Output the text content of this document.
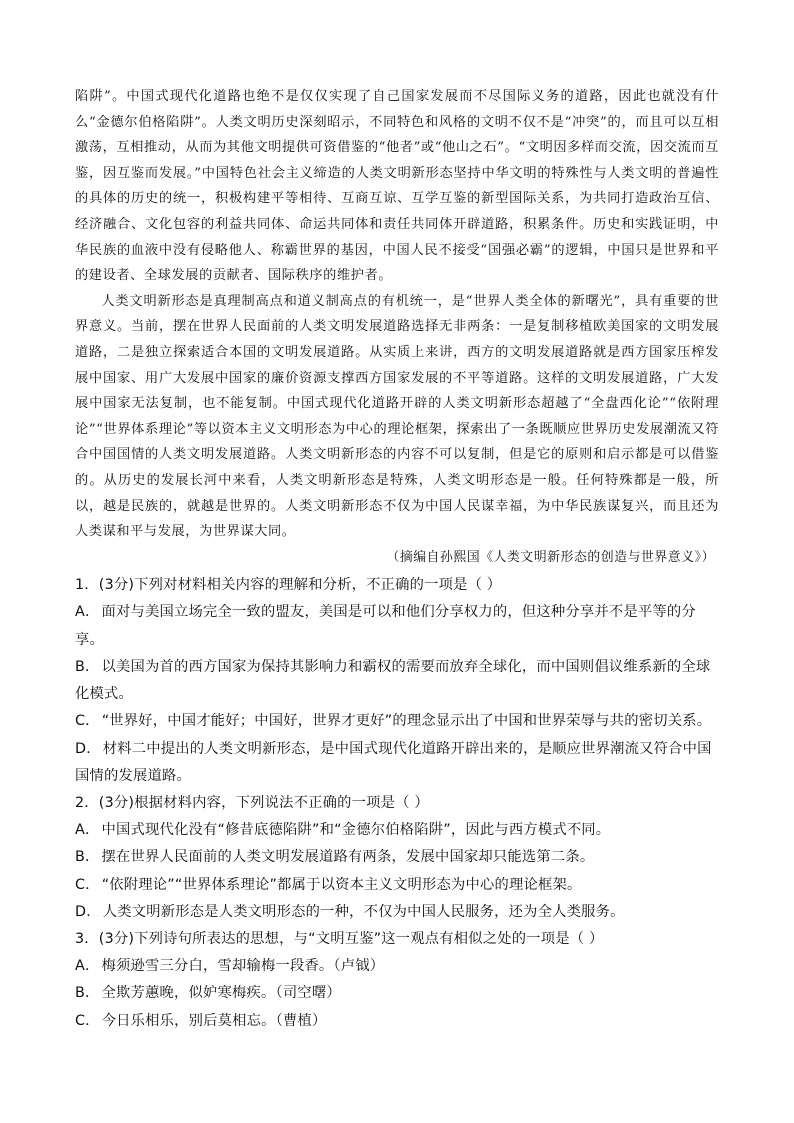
陷阱”。中国式现代化道路也绝不是仅仅实现了自己国家发展而不尽国际义务的道路，因此也就没有什么“金德尔伯格陷阱”。人类文明历史深刻昭示，不同特色和风格的文明不仅不是“冲突”的，而且可以互相激荡，互相推动，从而为其他文明提供可资借鉴的“他者”或“他山之石”。“文明因多样而交流，因交流而互鉴，因互鉴而发展。”中国特色社会主义缔造的人类文明新形态坚持中华文明的特殊性与人类文明的普遍性的具体的历史的统一，积极构建平等相待、互商互谅、互学互鉴的新型国际关系，为共同打造政治互信、经济融合、文化包容的利益共同体、命运共同体和责任共同体开辟道路，积累条件。历史和实践证明，中华民族的血液中没有侵略他人、称霸世界的基因，中国人民不接受“国强必霸”的逻辑，中国只是世界和平的建设者、全球发展的贡献者、国际秩序的维护者。

人类文明新形态是真理制高点和道义制高点的有机统一，是“世界人类全体的新曙光”，具有重要的世界意义。当前，摆在世界人民面前的人类文明发展道路选择无非两条：一是复制移植欧美国家的文明发展道路，二是独立探索适合本国的文明发展道路。从实质上来讲，西方的文明发展道路就是西方国家压榨发展中国家、用广大发展中国家的廉价资源支撑西方国家发展的不平等道路。这样的文明发展道路，广大发展中国家无法复制，也不能复制。中国式现代化道路开辟的人类文明新形态超越了“全盘西化论”“依附理论”“世界体系理论”等以资本主义文明形态为中心的理论框架，探索出了一条既顺应世界历史发展潮流又符合中国国情的人类文明发展道路。人类文明新形态的内容不可以复制，但是它的原则和启示都是可以借鉴的。从历史的发展长河中来看，人类文明新形态是特殊，人类文明形态是一般。任何特殊都是一般，所以，越是民族的，就越是世界的。人类文明新形态不仅为中国人民谋幸福，为中华民族谋复兴，而且还为人类谋和平与发展，为世界谋大同。

（摘编自孙熙国《人类文明新形态的创造与世界意义》）

1．(3分)下列对材料相关内容的理解和分析，不正确的一项是（ ）

A． 面对与美国立场完全一致的盟友，美国是可以和他们分享权力的，但这种分享并不是平等的分享。

B． 以美国为首的西方国家为保持其影响力和霸权的需要而放弃全球化，而中国则倡议维系新的全球化模式。

C． “世界好，中国才能好；中国好，世界才更好”的理念显示出了中国和世界荣辱与共的密切关系。

D． 材料二中提出的人类文明新形态，是中国式现代化道路开辟出来的，是顺应世界潮流又符合中国国情的发展道路。

2．(3分)根据材料内容，下列说法不正确的一项是（ ）

A． 中国式现代化没有“修昔底德陷阱”和“金德尔伯格陷阱”，因此与西方模式不同。

B． 摆在世界人民面前的人类文明发展道路有两条，发展中国家却只能选第二条。

C． “依附理论”“世界体系理论”都属于以资本主义文明形态为中心的理论框架。

D． 人类文明新形态是人类文明形态的一种，不仅为中国人民服务，还为全人类服务。

3．(3分)下列诗句所表达的思想，与“文明互鉴”这一观点有相似之处的一项是（ ）

A． 梅须逊雪三分白，雪却输梅一段香。（卢钺）

B． 全欺芳蕙晚，似妒寒梅疾。（司空曙）

C． 今日乐相乐，别后莫相忘。（曹植）
